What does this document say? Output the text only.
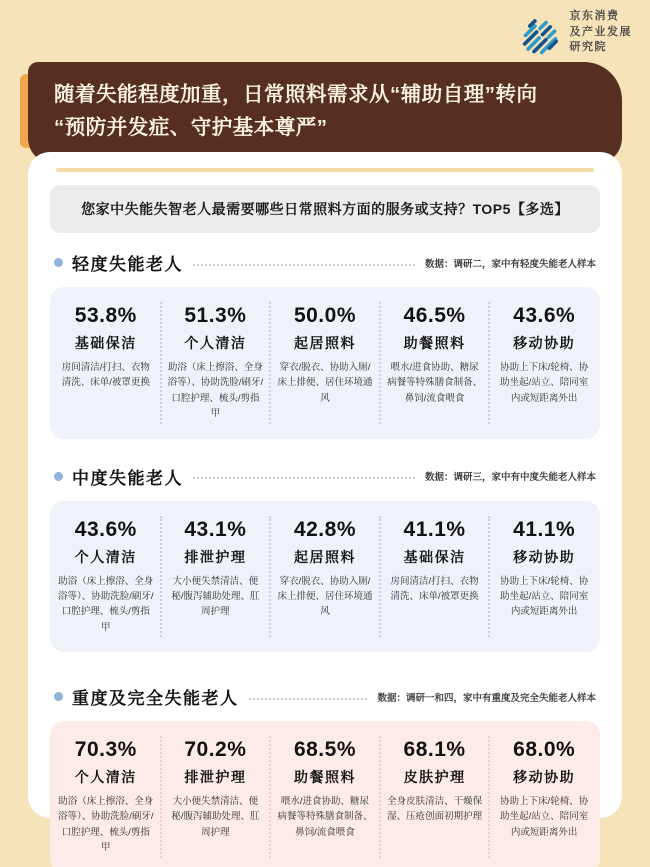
京东消费
及产业发展
研究院
随着失能程度加重，日常照料需求从“辅助自理”转向
“预防并发症、守护基本尊严”
您家中失能失智老人最需要哪些日常照料方面的服务或支持？TOP5【多选】
轻度失能老人	数据：调研二，家中有轻度失能老人样本
53.8%
基础保洁
房间清洁/打扫、衣物清洗、床单/被罩更换
51.3%
个人清洁
助浴（床上擦浴、全身浴等）、协助洗脸/刷牙/口腔护理、梳头/剪指甲
50.0%
起居照料
穿衣/脱衣、协助入厕/床上排便、居住环境通风
46.5%
助餐照料
喂水/进食协助、糖尿病餐等特殊膳食制备、鼻饲/流食喂食
43.6%
移动协助
协助上下床/轮椅、协助坐起/站立、陪同室内或短距离外出
中度失能老人	数据：调研三，家中有中度失能老人样本
43.6%
个人清洁
助浴（床上擦浴、全身浴等）、协助洗脸/刷牙/口腔护理、梳头/剪指甲
43.1%
排泄护理
大小便失禁清洁、便秘/腹泻辅助处理、肛周护理
42.8%
起居照料
穿衣/脱衣、协助入厕/床上排便、居住环境通风
41.1%
基础保洁
房间清洁/打扫、衣物清洗、床单/被罩更换
41.1%
移动协助
协助上下床/轮椅、协助坐起/站立、陪同室内或短距离外出
重度及完全失能老人	数据：调研一和四，家中有重度及完全失能老人样本
70.3%
个人清洁
助浴（床上擦浴、全身浴等）、协助洗脸/刷牙/口腔护理、梳头/剪指甲
70.2%
排泄护理
大小便失禁清洁、便秘/腹泻辅助处理、肛周护理
68.5%
助餐照料
喂水/进食协助、糖尿病餐等特殊膳食制备、鼻饲/流食喂食
68.1%
皮肤护理
全身皮肤清洁、干燥保湿、压疮创面初期护理
68.0%
移动协助
协助上下床/轮椅、协助坐起/站立、陪同室内或短距离外出
